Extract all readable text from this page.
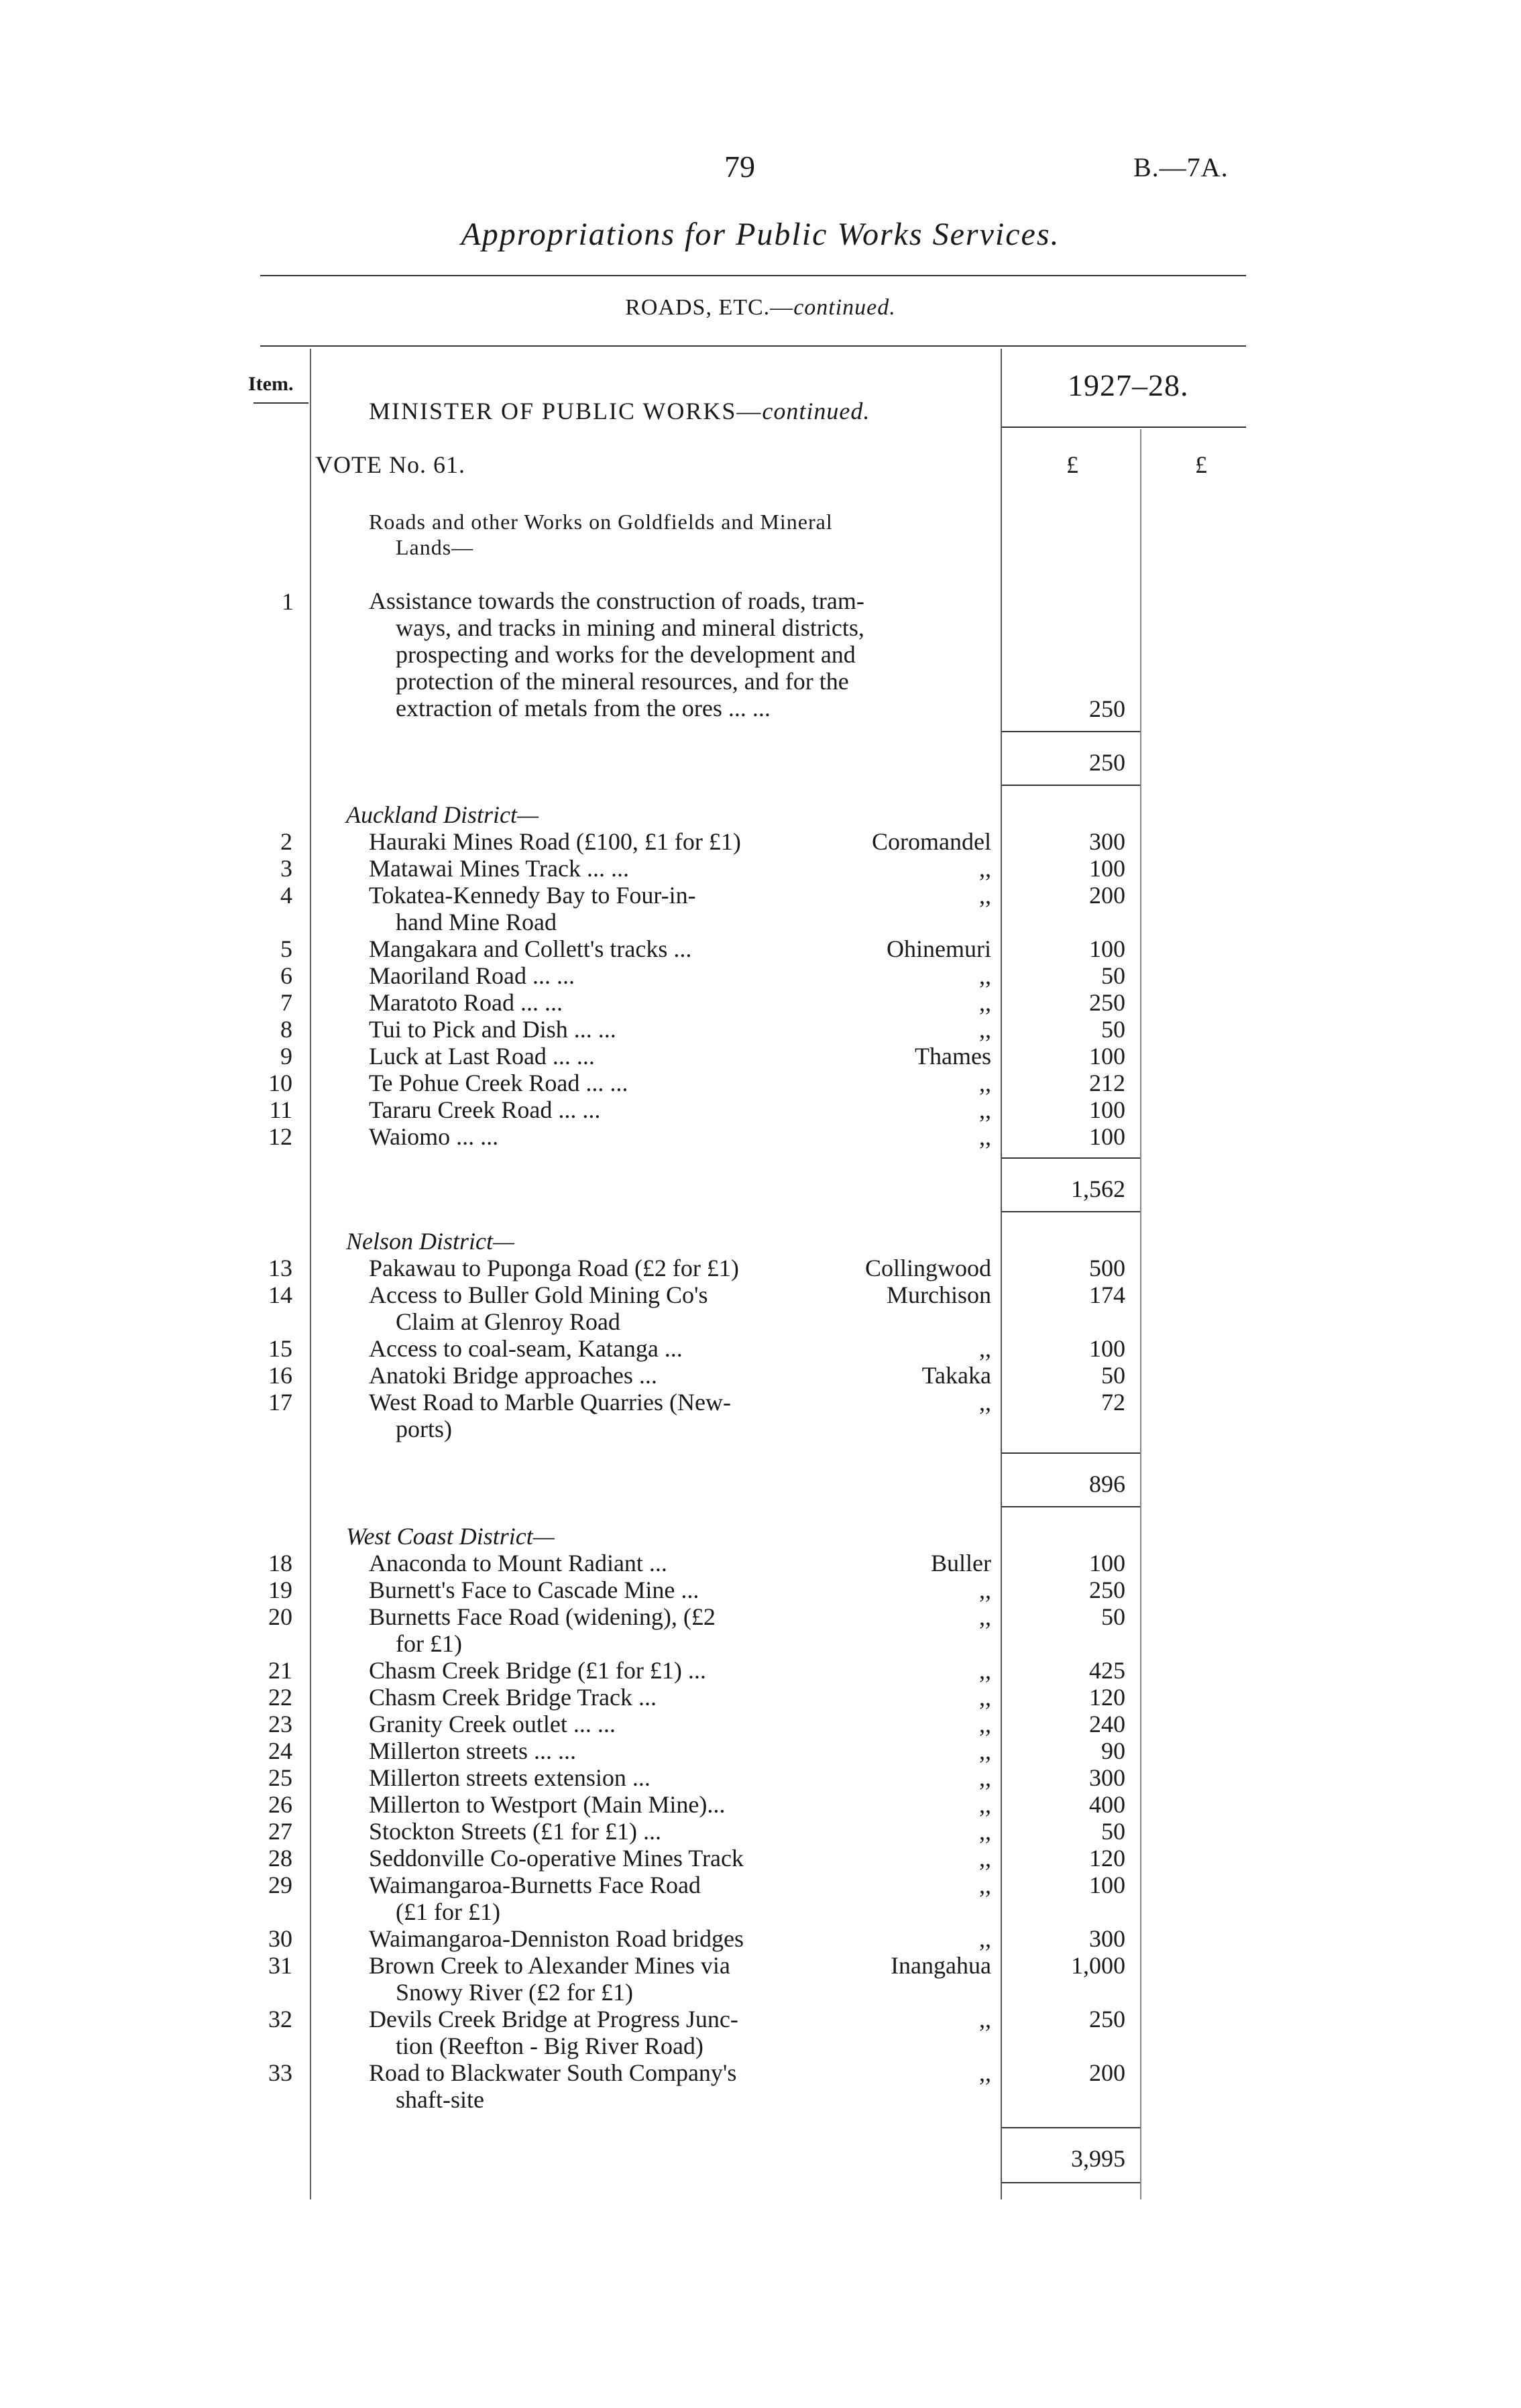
79	B.—7A.
Appropriations for Public Works Services.
ROADS, ETC.—continued.
Item.
MINISTER OF PUBLIC WORKS—continued.
1927–28.
VOTE No. 61.	£	£
Roads and other Works on Goldfields and Mineral
Lands—
1	Assistance towards the construction of roads, tram-
ways, and tracks in mining and mineral districts,
prospecting and works for the development and
protection of the mineral resources, and for the
extraction of metals from the ores ... ...	250
250
Auckland District—
2	Hauraki Mines Road (£100, £1 for £1)	Coromandel	300
3	Matawai Mines Track ... ...	,,	100
4	Tokatea-Kennedy Bay to Four-in-	,,	200
hand Mine Road
5	Mangakara and Collett's tracks ...	Ohinemuri	100
6	Maoriland Road ... ...	,,	50
7	Maratoto Road ... ...	,,	250
8	Tui to Pick and Dish ... ...	,,	50
9	Luck at Last Road ... ...	Thames	100
10	Te Pohue Creek Road ... ...	,,	212
11	Tararu Creek Road ... ...	,,	100
12	Waiomo ... ...	,,	100
1,562
Nelson District—
13	Pakawau to Puponga Road (£2 for £1)	Collingwood	500
14	Access to Buller Gold Mining Co's	Murchison	174
Claim at Glenroy Road
15	Access to coal-seam, Katanga ...	,,	100
16	Anatoki Bridge approaches ...	Takaka	50
17	West Road to Marble Quarries (New-	,,	72
ports)
896
West Coast District—
18	Anaconda to Mount Radiant ...	Buller	100
19	Burnett's Face to Cascade Mine ...	,,	250
20	Burnetts Face Road (widening), (£2	,,	50
for £1)
21	Chasm Creek Bridge (£1 for £1) ...	,,	425
22	Chasm Creek Bridge Track ...	,,	120
23	Granity Creek outlet ... ...	,,	240
24	Millerton streets ... ...	,,	90
25	Millerton streets extension ...	,,	300
26	Millerton to Westport (Main Mine)...	,,	400
27	Stockton Streets (£1 for £1) ...	,,	50
28	Seddonville Co-operative Mines Track	,,	120
29	Waimangaroa-Burnetts Face Road	,,	100
(£1 for £1)
30	Waimangaroa-Denniston Road bridges	,,	300
31	Brown Creek to Alexander Mines via	Inangahua	1,000
Snowy River (£2 for £1)
32	Devils Creek Bridge at Progress Junc-	,,	250
tion (Reefton - Big River Road)
33	Road to Blackwater South Company's	,,	200
shaft-site
3,995
